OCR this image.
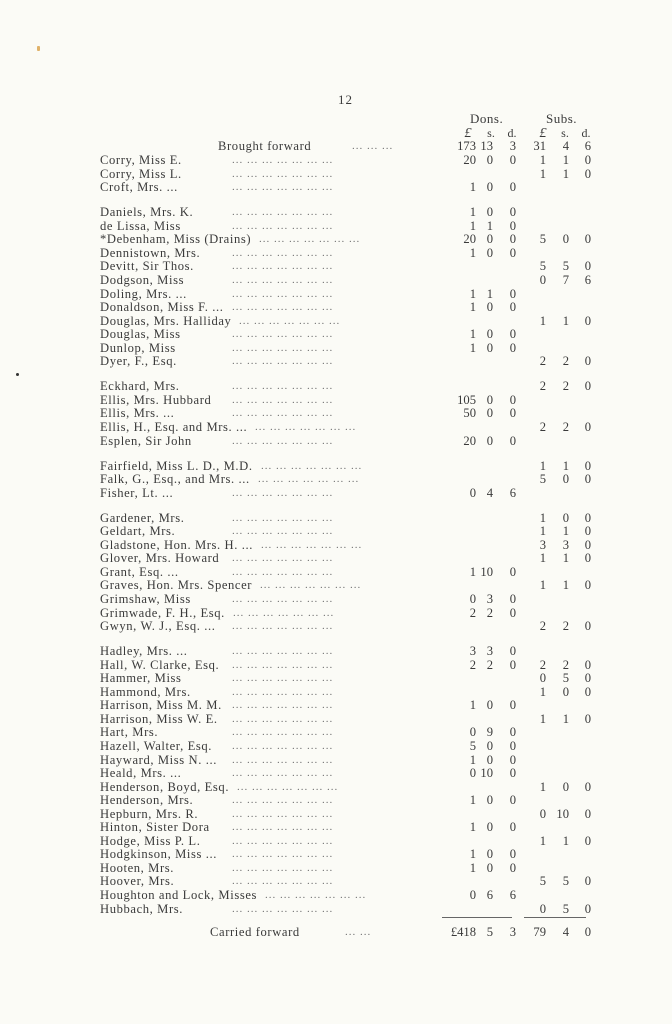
12
Dons.	Subs.
£	s.	d.	£	s.	d.
Brought forward	... ... ...	173 13	3	31	4	6
Corry, Miss E.	... ... ... ... ... ... ...	20 0	0	1	1	0
Corry, Miss L.	... ... ... ... ... ... ...	1	1	0
Croft, Mrs. ...	... ... ... ... ... ... ...	1 0	0
Daniels, Mrs. K.	... ... ... ... ... ... ...	1 0	0
de Lissa, Miss	... ... ... ... ... ... ...	1 1	0
*Debenham, Miss (Drains) ... ... ... ... ... ... ...	20 0	0	5	0	0
Dennistown, Mrs.	... ... ... ... ... ... ...	1 0	0
Devitt, Sir Thos.	... ... ... ... ... ... ...	5	5	0
Dodgson, Miss	... ... ... ... ... ... ...	0	7	6
Doling, Mrs. ...	... ... ... ... ... ... ...	1 1	0
Donaldson, Miss F. ... ... ... ... ... ... ... ...	1 0	0
Douglas, Mrs. Halliday ... ... ... ... ... ... ...	1	1	0
Douglas, Miss	... ... ... ... ... ... ...	1 0	0
Dunlop, Miss	... ... ... ... ... ... ...	1 0	0
Dyer, F., Esq.	... ... ... ... ... ... ...	2	2	0
Eckhard, Mrs.	... ... ... ... ... ... ...	2	2	0
Ellis, Mrs. Hubbard ... ... ... ... ... ... ...	105 0	0
Ellis, Mrs. ...	... ... ... ... ... ... ...	50 0	0
Ellis, H., Esq. and Mrs. ... ... ... ... ... ... ... ...	2	2	0
Esplen, Sir John	... ... ... ... ... ... ...	20 0	0
Fairfield, Miss L. D., M.D. ... ... ... ... ... ... ...	1	1	0
Falk, G., Esq., and Mrs. ... ... ... ... ... ... ... ...	5	0	0
Fisher, Lt. ...	... ... ... ... ... ... ...	0 4	6
Gardener, Mrs.	... ... ... ... ... ... ...	1	0	0
Geldart, Mrs.	... ... ... ... ... ... ...	1	1	0
Gladstone, Hon. Mrs. H. ... ... ... ... ... ... ... ...	3	3	0
Glover, Mrs. Howard ... ... ... ... ... ... ...	1	1	0
Grant, Esq. ...	... ... ... ... ... ... ...	1 10	0
Graves, Hon. Mrs. Spencer ... ... ... ... ... ... ...	1	1	0
Grimshaw, Miss	... ... ... ... ... ... ...	0 3	0
Grimwade, F. H., Esq. ... ... ... ... ... ... ...	2 2	0
Gwyn, W. J., Esq. ... ... ... ... ... ... ... ...	2	2	0
Hadley, Mrs. ...	... ... ... ... ... ... ...	3 3	0
Hall, W. Clarke, Esq. ... ... ... ... ... ... ...	2 2	0	2	2	0
Hammer, Miss	... ... ... ... ... ... ...	0	5	0
Hammond, Mrs.	... ... ... ... ... ... ...	1	0	0
Harrison, Miss M. M. ... ... ... ... ... ... ...	1 0	0
Harrison, Miss W. E. ... ... ... ... ... ... ...	1	1	0
Hart, Mrs.	... ... ... ... ... ... ...	0 9	0
Hazell, Walter, Esq. ... ... ... ... ... ... ...	5 0	0
Hayward, Miss N. ... ... ... ... ... ... ... ...	1 0	0
Heald, Mrs. ...	... ... ... ... ... ... ...	0 10	0
Henderson, Boyd, Esq. ... ... ... ... ... ... ...	1	0	0
Henderson, Mrs.	... ... ... ... ... ... ...	1 0	0
Hepburn, Mrs. R.	... ... ... ... ... ... ...	0 10	0
Hinton, Sister Dora ... ... ... ... ... ... ...	1 0	0
Hodge, Miss P. L.	... ... ... ... ... ... ...	1	1	0
Hodgkinson, Miss ... ... ... ... ... ... ... ...	1 0	0
Hooten, Mrs.	... ... ... ... ... ... ...	1 0	0
Hoover, Mrs.	... ... ... ... ... ... ...	5	5	0
Houghton and Lock, Misses ... ... ... ... ... ... ...	0 6	6
Hubbach, Mrs.	... ... ... ... ... ... ...	0	5	0
Carried forward	... ...	£418 5	3	79	4	0
